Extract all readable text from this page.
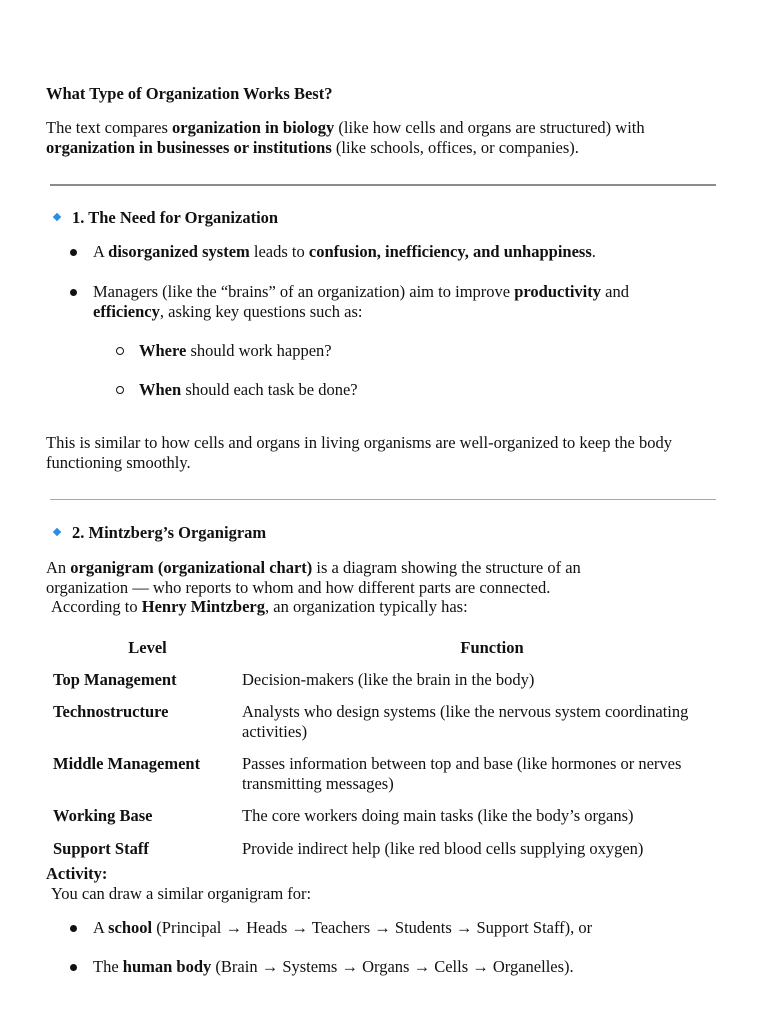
What Type of Organization Works Best?
The text compares organization in biology (like how cells and organs are structured) with
organization in businesses or institutions (like schools, offices, or companies).
1. The Need for Organization
A disorganized system leads to confusion, inefficiency, and unhappiness.
Managers (like the “brains” of an organization) aim to improve productivity and
efficiency, asking key questions such as:
Where should work happen?
When should each task be done?
This is similar to how cells and organs in living organisms are well-organized to keep the body functioning smoothly.
2. Mintzberg’s Organigram
An organigram (organizational chart) is a diagram showing the structure of an organization — who reports to whom and how different parts are connected.
According to Henry Mintzberg, an organization typically has:
Level	Function
Top Management	Decision-makers (like the brain in the body)
Technostructure	Analysts who design systems (like the nervous system coordinating activities)
Middle Management	Passes information between top and base (like hormones or nerves transmitting messages)
Working Base	The core workers doing main tasks (like the body’s organs)
Support Staff	Provide indirect help (like red blood cells supplying oxygen)
Activity:
You can draw a similar organigram for:
A school (Principal → Heads → Teachers → Students → Support Staff), or
The human body (Brain → Systems → Organs → Cells → Organelles).
